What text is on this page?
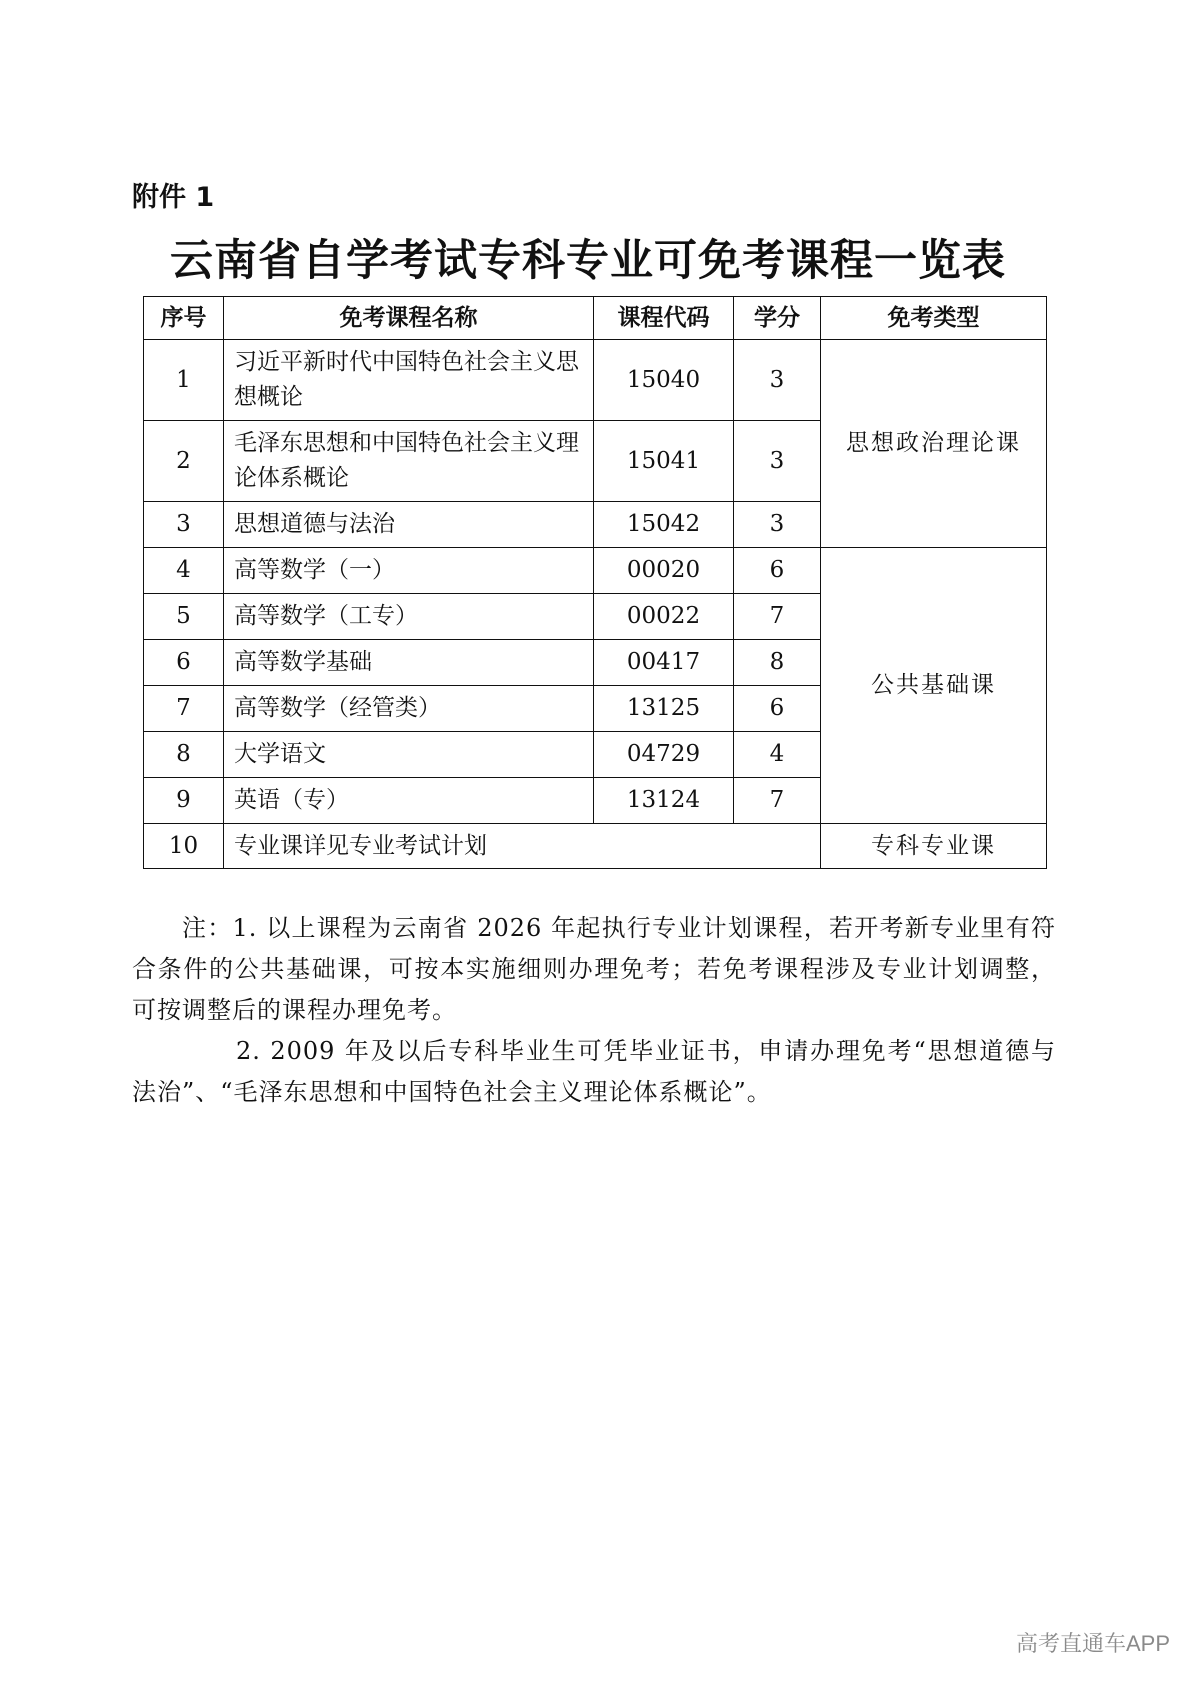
附件 1
云南省自学考试专科专业可免考课程一览表
序号	免考课程名称	课程代码	学分	免考类型
1	习近平新时代中国特色社会主义思想概论	15040	3	思想政治理论课
2	毛泽东思想和中国特色社会主义理论体系概论	15041	3	
3	思想道德与法治	15042	3	
4	高等数学（一）	00020	6	公共基础课
5	高等数学（工专）	00022	7	
6	高等数学基础	00417	8	
7	高等数学（经管类）	13125	6	
8	大学语文	04729	4	
9	英语（专）	13124	7	
10	专业课详见专业考试计划			专科专业课

注：1. 以上课程为云南省 2026 年起执行专业计划课程，若开考新专业里有符合条件的公共基础课，可按本实施细则办理免考；若免考课程涉及专业计划调整，可按调整后的课程办理免考。

2. 2009 年及以后专科毕业生可凭毕业证书，申请办理免考“思想道德与法治”、“毛泽东思想和中国特色社会主义理论体系概论”。

高考直通车APP
